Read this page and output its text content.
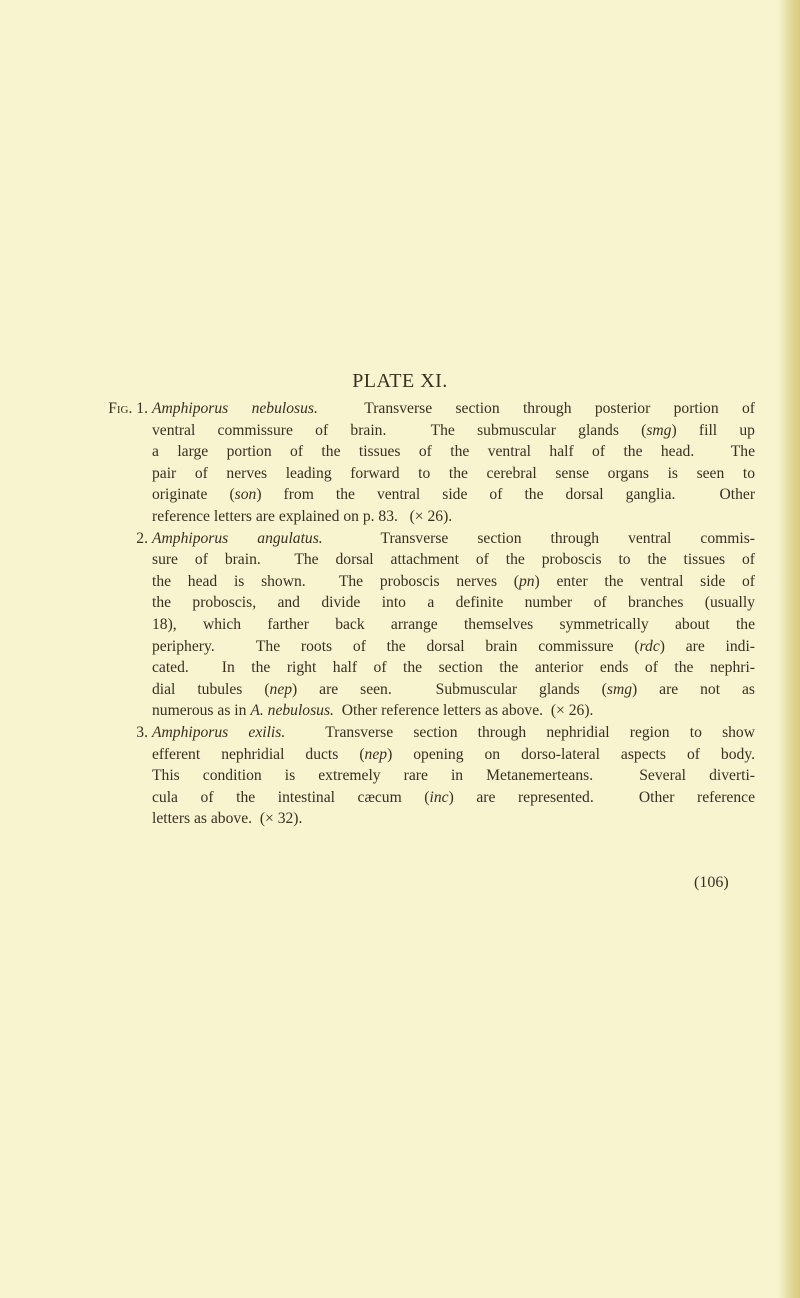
PLATE XI.
Fig. 1. Amphiporus nebulosus.  Transverse section through posterior portion of
ventral commissure of brain.  The submuscular glands (smg) fill up
a large portion of the tissues of the ventral half of the head.  The
pair of nerves leading forward to the cerebral sense organs is seen to
originate (son) from the ventral side of the dorsal ganglia.  Other
reference letters are explained on p. 83.   (× 26).
2. Amphiporus angulatus.  Transverse section through ventral commis-
sure of brain.  The dorsal attachment of the proboscis to the tissues of
the head is shown.  The proboscis nerves (pn) enter the ventral side of
the proboscis, and divide into a definite number of branches (usually
18), which farther back arrange themselves symmetrically about the
periphery.  The roots of the dorsal brain commissure (rdc) are indi-
cated.  In the right half of the section the anterior ends of the nephri-
dial tubules (nep) are seen.  Submuscular glands (smg) are not as
numerous as in A. nebulosus.  Other reference letters as above.  (× 26).
3. Amphiporus exilis.  Transverse section through nephridial region to show
efferent nephridial ducts (nep) opening on dorso-lateral aspects of body.
This condition is extremely rare in Metanemerteans.  Several diverti-
cula of the intestinal cæcum (inc) are represented.  Other reference
letters as above.  (× 32).
(106)
